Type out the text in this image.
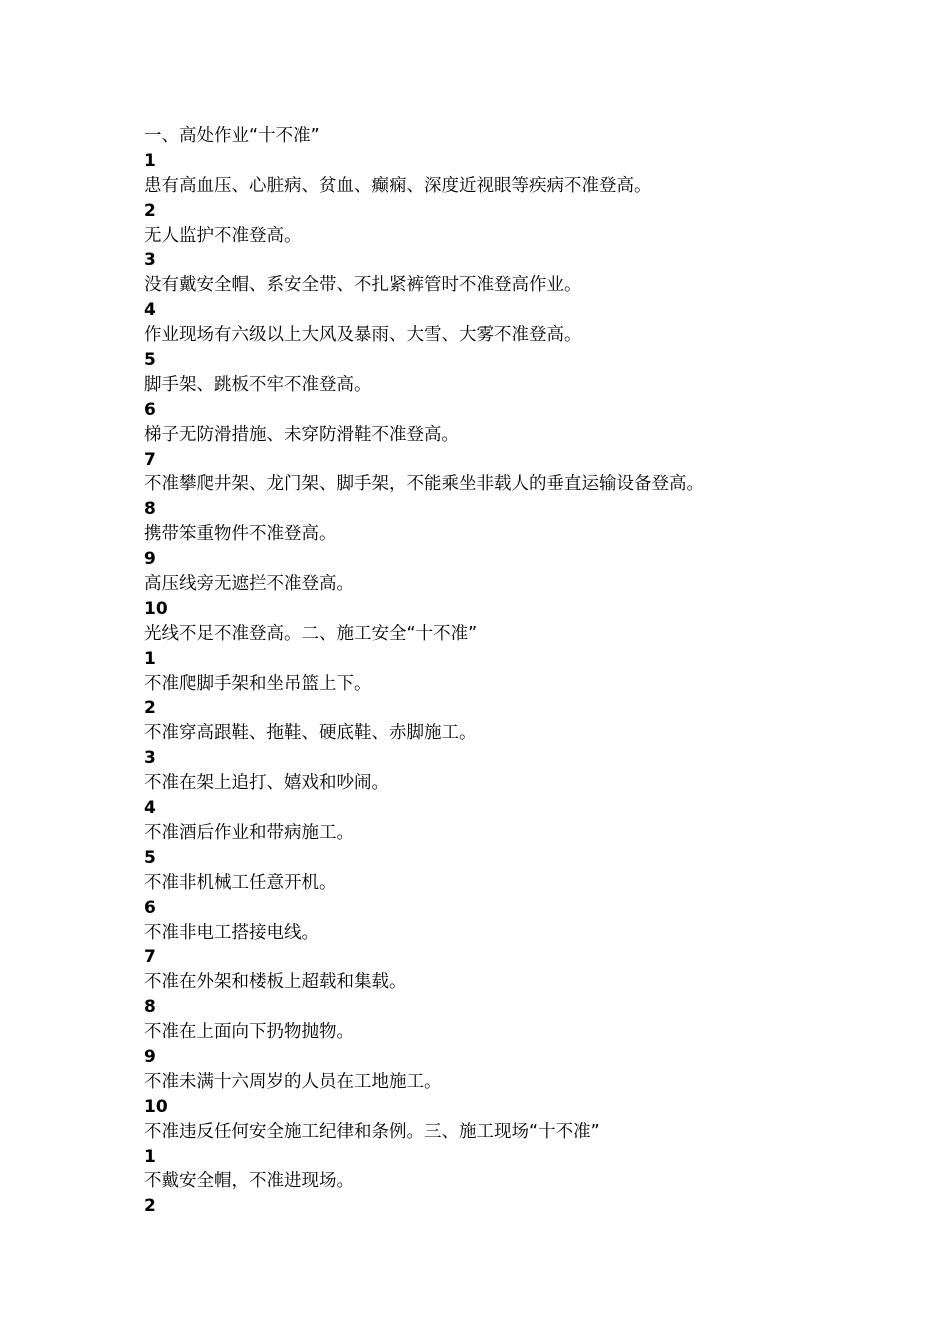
一、高处作业“十不准”
1
患有高血压、心脏病、贫血、癫痫、深度近视眼等疾病不准登高。
2
无人监护不准登高。
3
没有戴安全帽、系安全带、不扎紧裤管时不准登高作业。
4
作业现场有六级以上大风及暴雨、大雪、大雾不准登高。
5
脚手架、跳板不牢不准登高。
6
梯子无防滑措施、未穿防滑鞋不准登高。
7
不准攀爬井架、龙门架、脚手架，不能乘坐非载人的垂直运输设备登高。
8
携带笨重物件不准登高。
9
高压线旁无遮拦不准登高。
10
光线不足不准登高。二、施工安全“十不准”
1
不准爬脚手架和坐吊篮上下。
2
不准穿高跟鞋、拖鞋、硬底鞋、赤脚施工。
3
不准在架上追打、嬉戏和吵闹。
4
不准酒后作业和带病施工。
5
不准非机械工任意开机。
6
不准非电工搭接电线。
7
不准在外架和楼板上超载和集载。
8
不准在上面向下扔物抛物。
9
不准未满十六周岁的人员在工地施工。
10
不准违反任何安全施工纪律和条例。三、施工现场“十不准”
1
不戴安全帽，不准进现场。
2
